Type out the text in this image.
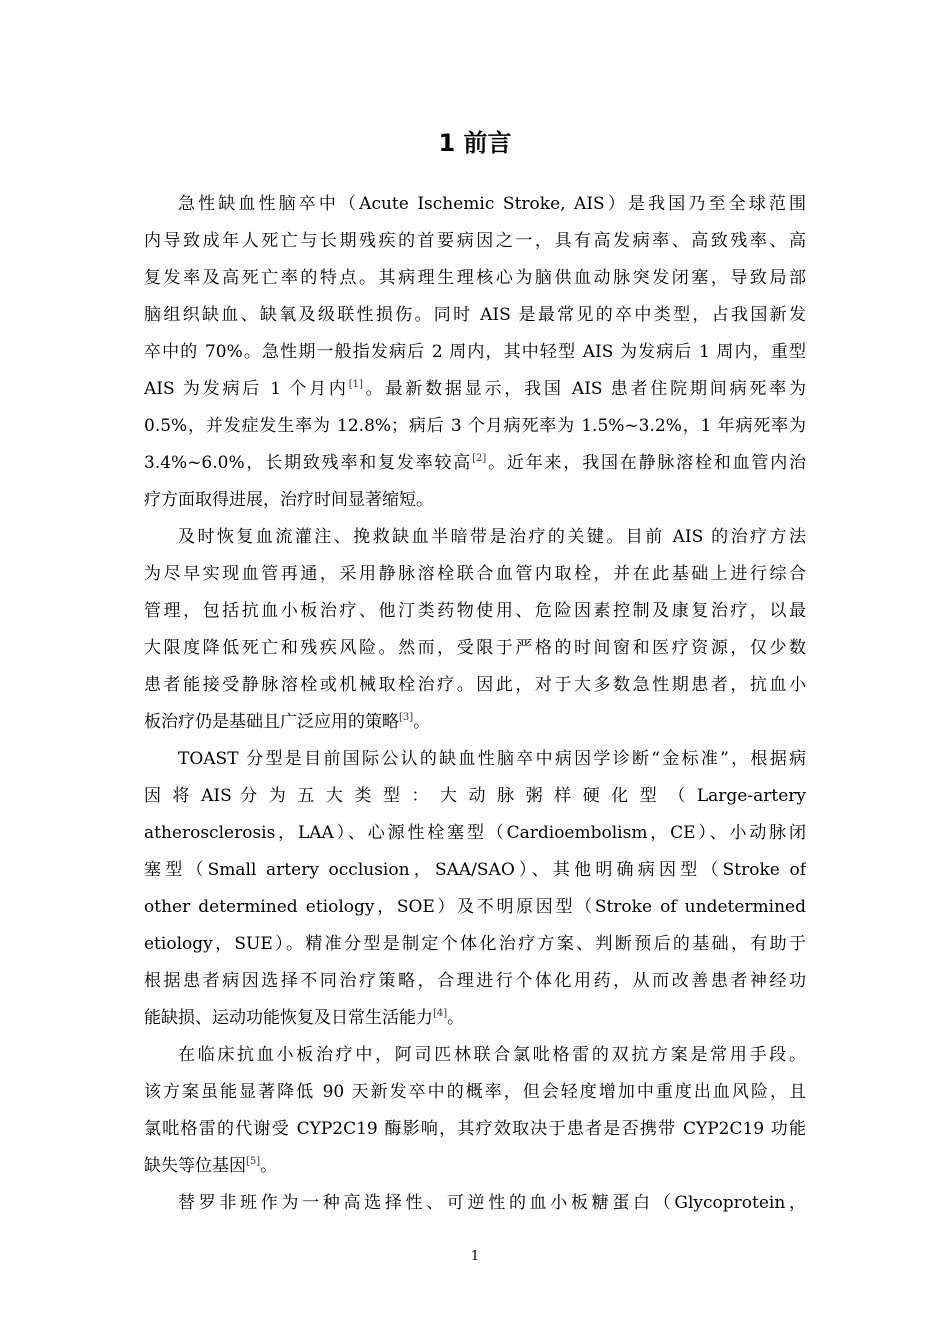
1 前言
急性缺血性脑卒中（Acute Ischemic Stroke, AIS）是我国乃至全球范围
内导致成年人死亡与长期残疾的首要病因之一，具有高发病率、高致残率、高
复发率及高死亡率的特点。其病理生理核心为脑供血动脉突发闭塞，导致局部
脑组织缺血、缺氧及级联性损伤。同时 AIS 是最常见的卒中类型，占我国新发
卒中的 70%。急性期一般指发病后 2 周内，其中轻型 AIS 为发病后 1 周内，重型
AIS 为发病后 1 个月内[1]。最新数据显示，我国 AIS 患者住院期间病死率为
0.5%，并发症发生率为 12.8%；病后 3 个月病死率为 1.5%~3.2%，1 年病死率为
3.4%~6.0%，长期致残率和复发率较高[2]。近年来，我国在静脉溶栓和血管内治
疗方面取得进展，治疗时间显著缩短。
及时恢复血流灌注、挽救缺血半暗带是治疗的关键。目前 AIS 的治疗方法
为尽早实现血管再通，采用静脉溶栓联合血管内取栓，并在此基础上进行综合
管理，包括抗血小板治疗、他汀类药物使用、危险因素控制及康复治疗，以最
大限度降低死亡和残疾风险。然而，受限于严格的时间窗和医疗资源，仅少数
患者能接受静脉溶栓或机械取栓治疗。因此，对于大多数急性期患者，抗血小
板治疗仍是基础且广泛应用的策略[3]。
TOAST 分型是目前国际公认的缺血性脑卒中病因学诊断“金标准”，根据病
因 将 AIS 分 为 五 大 类 型 ： 大 动 脉 粥 样 硬 化 型 （ Large-artery
atherosclerosis，LAA）、心源性栓塞型（Cardioembolism，CE）、小动脉闭
塞型（Small artery occlusion，SAA/SAO）、其他明确病因型（Stroke of
other determined etiology，SOE）及不明原因型（Stroke of undetermined
etiology，SUE）。精准分型是制定个体化治疗方案、判断预后的基础，有助于
根据患者病因选择不同治疗策略，合理进行个体化用药，从而改善患者神经功
能缺损、运动功能恢复及日常生活能力[4]。
在临床抗血小板治疗中，阿司匹林联合氯吡格雷的双抗方案是常用手段。
该方案虽能显著降低 90 天新发卒中的概率，但会轻度增加中重度出血风险，且
氯吡格雷的代谢受 CYP2C19 酶影响，其疗效取决于患者是否携带 CYP2C19 功能
缺失等位基因[5]。
替罗非班作为一种高选择性、可逆性的血小板糖蛋白（Glycoprotein，
1
